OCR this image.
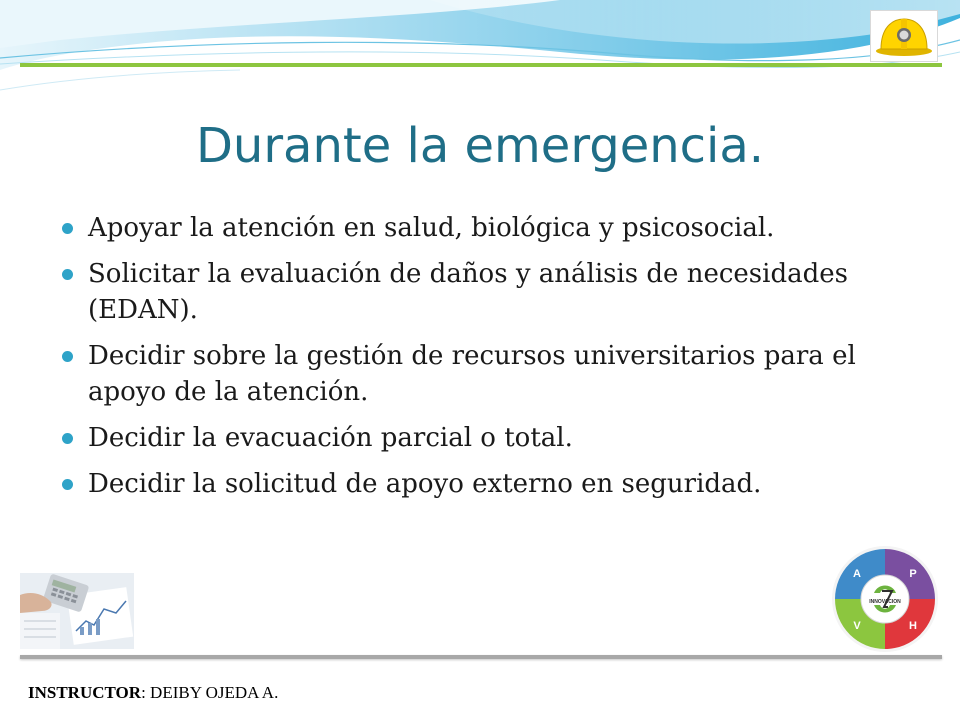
Durante la emergencia.
Apoyar la atención en salud, biológica y psicosocial.
Solicitar la evaluación de daños y análisis de necesidades (EDAN).
Decidir sobre la gestión de recursos universitarios para el apoyo de la atención.
Decidir la evacuación parcial o total.
Decidir la solicitud de apoyo externo en seguridad.
INNOVACION
A	P
V	H
INSTRUCTOR: DEIBY OJEDA A.
